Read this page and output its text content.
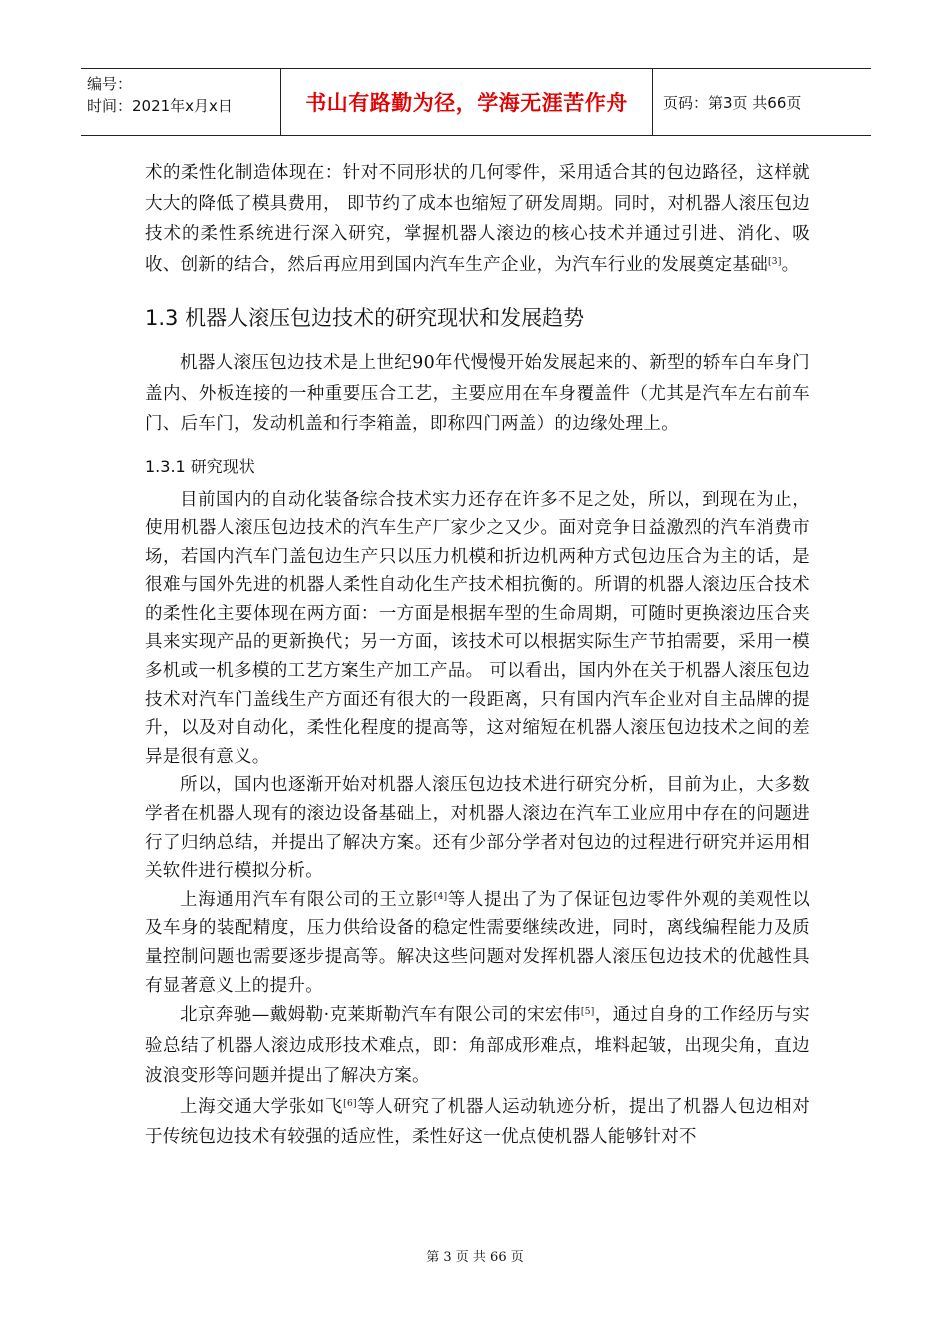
编号：
时间：2021年x月x日	书山有路勤为径，学海无涯苦作舟	页码：第3页 共66页

术的柔性化制造体现在：针对不同形状的几何零件，采用适合其的包边路径，这样就大大的降低了模具费用， 即节约了成本也缩短了研发周期。同时，对机器人滚压包边技术的柔性系统进行深入研究，掌握机器人滚边的核心技术并通过引进、消化、吸收、创新的结合，然后再应用到国内汽车生产企业，为汽车行业的发展奠定基础[3]。

1.3 机器人滚压包边技术的研究现状和发展趋势

机器人滚压包边技术是上世纪90年代慢慢开始发展起来的、新型的轿车白车身门盖内、外板连接的一种重要压合工艺，主要应用在车身覆盖件（尤其是汽车左右前车门、后车门，发动机盖和行李箱盖，即称四门两盖）的边缘处理上。

1.3.1 研究现状

目前国内的自动化装备综合技术实力还存在许多不足之处，所以，到现在为止，使用机器人滚压包边技术的汽车生产厂家少之又少。面对竞争日益激烈的汽车消费市场，若国内汽车门盖包边生产只以压力机模和折边机两种方式包边压合为主的话，是很难与国外先进的机器人柔性自动化生产技术相抗衡的。所谓的机器人滚边压合技术的柔性化主要体现在两方面：一方面是根据车型的生命周期，可随时更换滚边压合夹具来实现产品的更新换代；另一方面，该技术可以根据实际生产节拍需要，采用一模多机或一机多模的工艺方案生产加工产品。 可以看出，国内外在关于机器人滚压包边技术对汽车门盖线生产方面还有很大的一段距离，只有国内汽车企业对自主品牌的提升，以及对自动化，柔性化程度的提高等，这对缩短在机器人滚压包边技术之间的差异是很有意义。

所以，国内也逐渐开始对机器人滚压包边技术进行研究分析，目前为止，大多数学者在机器人现有的滚边设备基础上，对机器人滚边在汽车工业应用中存在的问题进行了归纳总结，并提出了解决方案。还有少部分学者对包边的过程进行研究并运用相关软件进行模拟分析。

上海通用汽车有限公司的王立影[4]等人提出了为了保证包边零件外观的美观性以及车身的装配精度，压力供给设备的稳定性需要继续改进，同时，离线编程能力及质量控制问题也需要逐步提高等。解决这些问题对发挥机器人滚压包边技术的优越性具有显著意义上的提升。

北京奔驰—戴姆勒·克莱斯勒汽车有限公司的宋宏伟[5]，通过自身的工作经历与实验总结了机器人滚边成形技术难点，即：角部成形难点，堆料起皱，出现尖角，直边波浪变形等问题并提出了解决方案。

上海交通大学张如飞[6]等人研究了机器人运动轨迹分析，提出了机器人包边相对于传统包边技术有较强的适应性，柔性好这一优点使机器人能够针对不

第 3 页 共 66 页
